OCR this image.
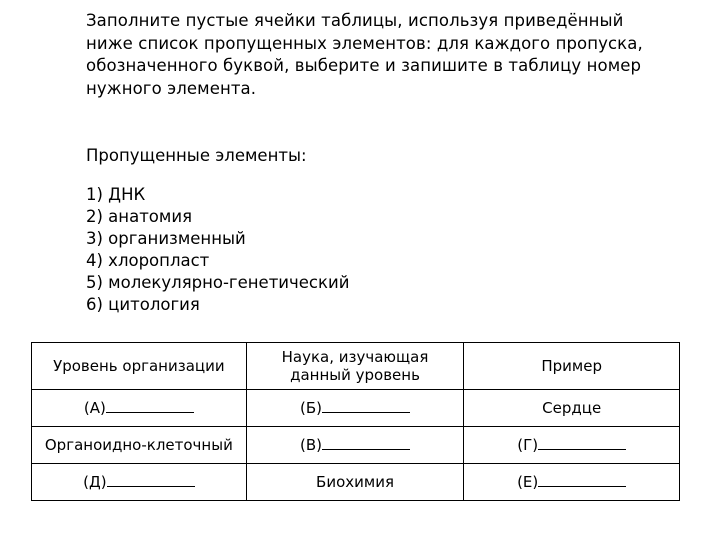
Заполните пустые ячейки таблицы, используя приведённый
ниже список пропущенных элементов: для каждого пропуска,
обозначенного буквой, выберите и запишите в таблицу номер
нужного элемента.
Пропущенные элементы:
1) ДНК
2) анатомия
3) организменный
4) хлоропласт
5) молекулярно-генетический
6) цитология
Уровень организации	Наука, изучающая данный уровень	Пример
(А)	(Б)	Сердце
Органоидно-клеточный	(В)	(Г)
(Д)	Биохимия	(Е)
